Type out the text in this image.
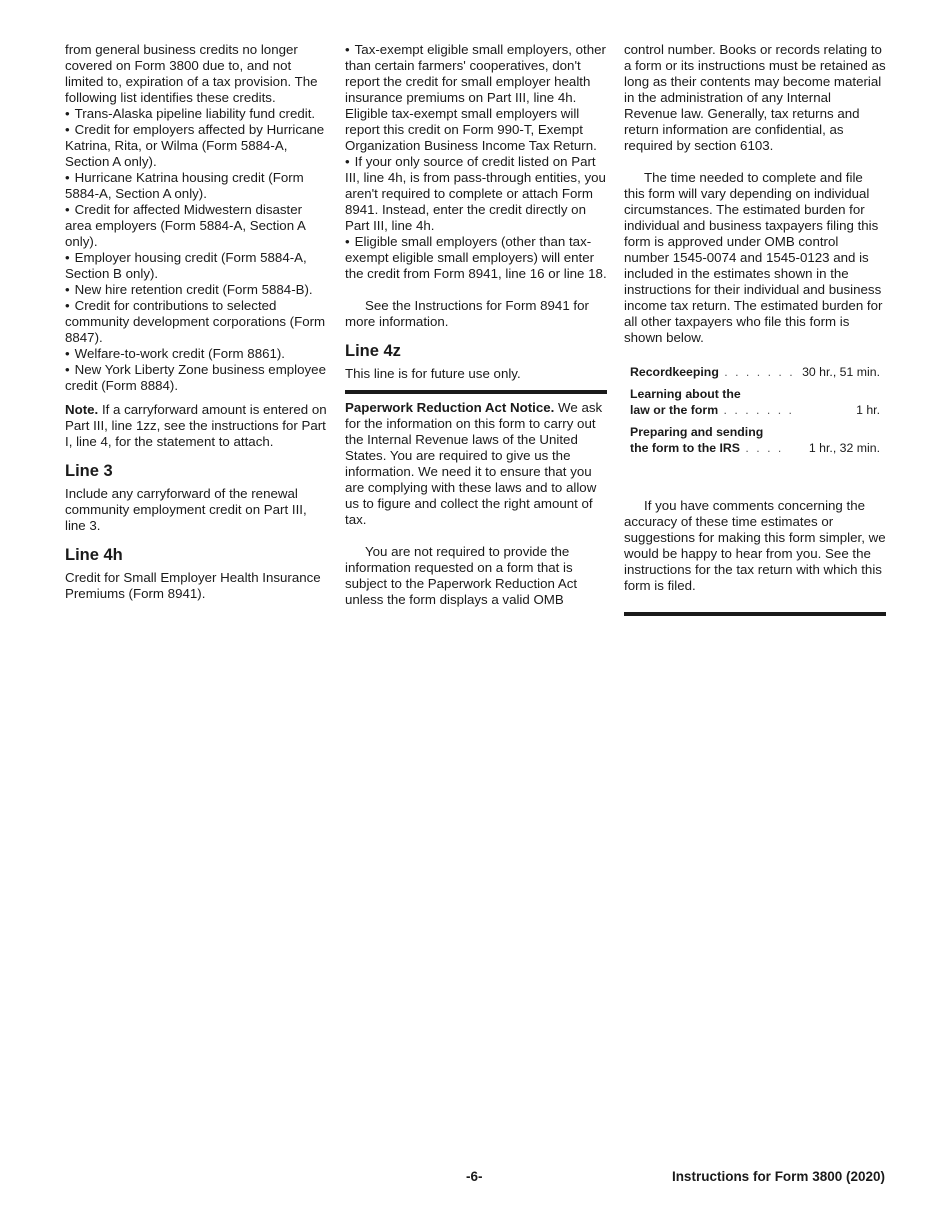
from general business credits no longer covered on Form 3800 due to, and not limited to, expiration of a tax provision. The following list identifies these credits.

• Trans-Alaska pipeline liability fund credit.

• Credit for employers affected by Hurricane Katrina, Rita, or Wilma (Form 5884-A, Section A only).

• Hurricane Katrina housing credit (Form 5884-A, Section A only).

• Credit for affected Midwestern disaster area employers (Form 5884-A, Section A only).

• Employer housing credit (Form 5884-A, Section B only).

• New hire retention credit (Form 5884-B).

• Credit for contributions to selected community development corporations (Form 8847).

• Welfare-to-work credit (Form 8861).

• New York Liberty Zone business employee credit (Form 8884).

Note. If a carryforward amount is entered on Part III, line 1zz, see the instructions for Part I, line 4, for the statement to attach.

Line 3

Include any carryforward of the renewal community employment credit on Part III, line 3.

Line 4h

Credit for Small Employer Health Insurance Premiums (Form 8941).

• Tax-exempt eligible small employers, other than certain farmers' cooperatives, don't report the credit for small employer health insurance premiums on Part III, line 4h. Eligible tax-exempt small employers will report this credit on Form 990-T, Exempt Organization Business Income Tax Return.

• If your only source of credit listed on Part III, line 4h, is from pass-through entities, you aren't required to complete or attach Form 8941. Instead, enter the credit directly on Part III, line 4h.

• Eligible small employers (other than tax-exempt eligible small employers) will enter the credit from Form 8941, line 16 or line 18.

See the Instructions for Form 8941 for more information.

Line 4z

This line is for future use only.

Paperwork Reduction Act Notice. We ask for the information on this form to carry out the Internal Revenue laws of the United States. You are required to give us the information. We need it to ensure that you are complying with these laws and to allow us to figure and collect the right amount of tax.

You are not required to provide the information requested on a form that is subject to the Paperwork Reduction Act unless the form displays a valid OMB

control number. Books or records relating to a form or its instructions must be retained as long as their contents may become material in the administration of any Internal Revenue law. Generally, tax returns and return information are confidential, as required by section 6103.

The time needed to complete and file this form will vary depending on individual circumstances. The estimated burden for individual and business taxpayers filing this form is approved under OMB control number 1545-0074 and 1545-0123 and is included in the estimates shown in the instructions for their individual and business income tax return. The estimated burden for all other taxpayers who file this form is shown below.

Recordkeeping . . . . . . . 30 hr., 51 min.
Learning about the
law or the form . . . . . . .	1 hr.
Preparing and sending
the form to the IRS . . . . 1 hr., 32 min.

If you have comments concerning the accuracy of these time estimates or suggestions for making this form simpler, we would be happy to hear from you. See the instructions for the tax return with which this form is filed.

-6-	Instructions for Form 3800 (2020)
